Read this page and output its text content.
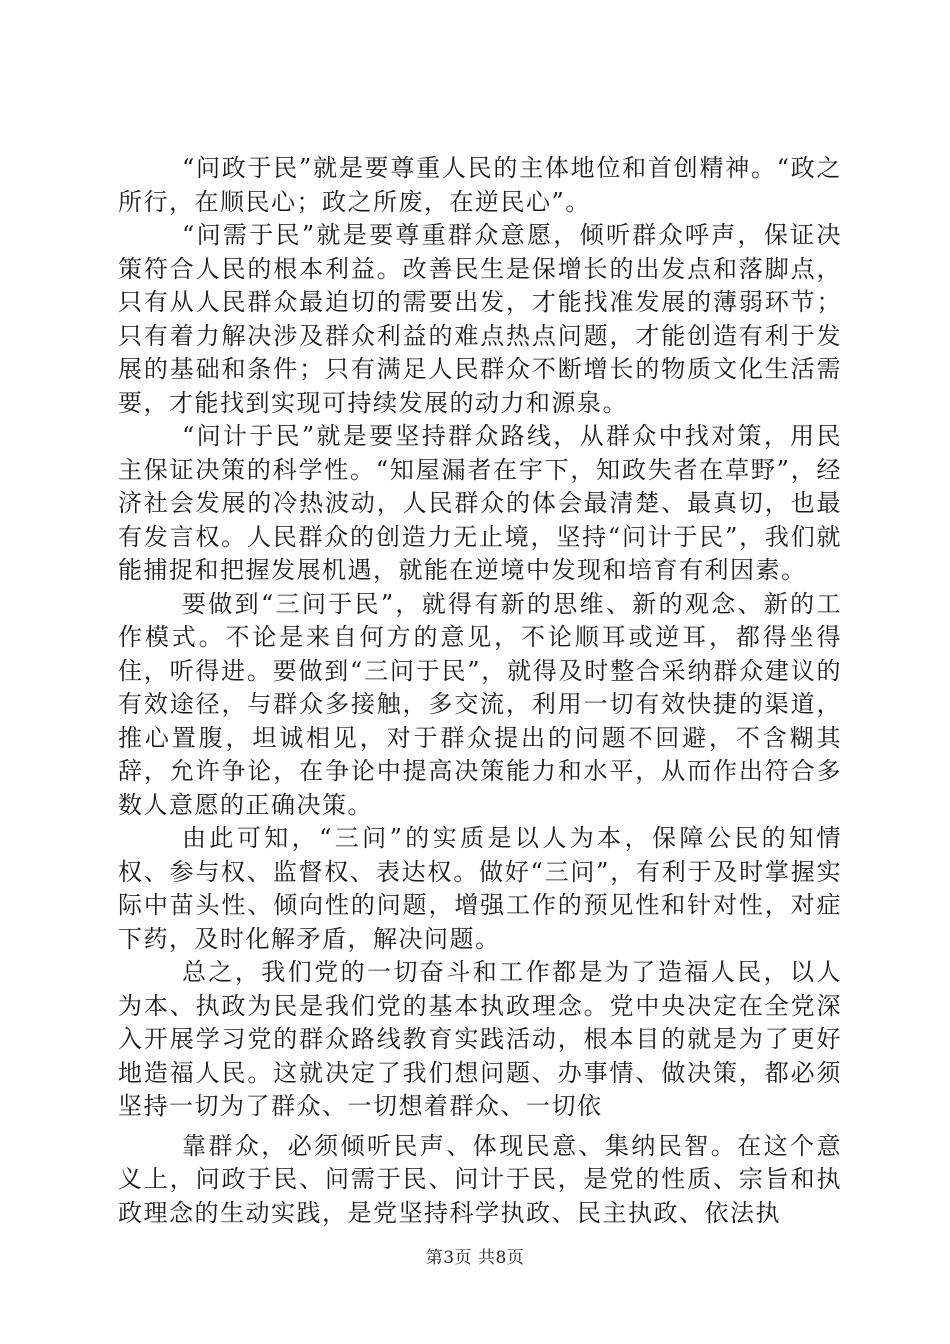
“问政于民”就是要尊重人民的主体地位和首创精神。“政之所行，在顺民心；政之所废，在逆民心”。

“问需于民”就是要尊重群众意愿，倾听群众呼声，保证决策符合人民的根本利益。改善民生是保增长的出发点和落脚点，只有从人民群众最迫切的需要出发，才能找准发展的薄弱环节；只有着力解决涉及群众利益的难点热点问题，才能创造有利于发展的基础和条件；只有满足人民群众不断增长的物质文化生活需要，才能找到实现可持续发展的动力和源泉。

“问计于民”就是要坚持群众路线，从群众中找对策，用民主保证决策的科学性。“知屋漏者在宇下，知政失者在草野”，经济社会发展的冷热波动，人民群众的体会最清楚、最真切，也最有发言权。人民群众的创造力无止境，坚持“问计于民”，我们就能捕捉和把握发展机遇，就能在逆境中发现和培育有利因素。

要做到“三问于民”，就得有新的思维、新的观念、新的工作模式。不论是来自何方的意见，不论顺耳或逆耳，都得坐得住，听得进。要做到“三问于民”，就得及时整合采纳群众建议的有效途径，与群众多接触，多交流，利用一切有效快捷的渠道，推心置腹，坦诚相见，对于群众提出的问题不回避，不含糊其辞，允许争论，在争论中提高决策能力和水平，从而作出符合多数人意愿的正确决策。

由此可知，“三问”的实质是以人为本，保障公民的知情权、参与权、监督权、表达权。做好“三问”，有利于及时掌握实际中苗头性、倾向性的问题，增强工作的预见性和针对性，对症下药，及时化解矛盾，解决问题。

总之，我们党的一切奋斗和工作都是为了造福人民，以人为本、执政为民是我们党的基本执政理念。党中央决定在全党深入开展学习党的群众路线教育实践活动，根本目的就是为了更好地造福人民。这就决定了我们想问题、办事情、做决策，都必须坚持一切为了群众、一切想着群众、一切依

靠群众，必须倾听民声、体现民意、集纳民智。在这个意义上，问政于民、问需于民、问计于民，是党的性质、宗旨和执政理念的生动实践，是党坚持科学执政、民主执政、依法执

第3页 共8页
